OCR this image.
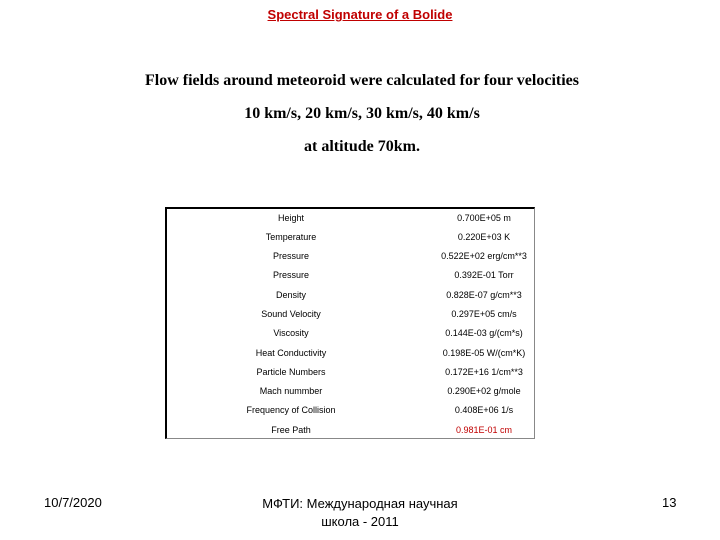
Spectral Signature of a Bolide
Flow fields around meteoroid were calculated for four velocities
10 km/s, 20 km/s, 30 km/s, 40 km/s
at altitude 70km.
Height	0.700E+05 m
Temperature	0.220E+03 K
Pressure	0.522E+02 erg/cm**3
Pressure	0.392E-01 Torr
Density	0.828E-07 g/cm**3
Sound Velocity	0.297E+05 cm/s
Viscosity	0.144E-03 g/(cm*s)
Heat Conductivity	0.198E-05 W/(cm*K)
Particle Numbers	0.172E+16 1/cm**3
Mach nummber	0.290E+02 g/mole
Frequency of Collision	0.408E+06 1/s
Free Path	0.981E-01 cm
10/7/2020	МФТИ: Международная научная
школа - 2011
13
